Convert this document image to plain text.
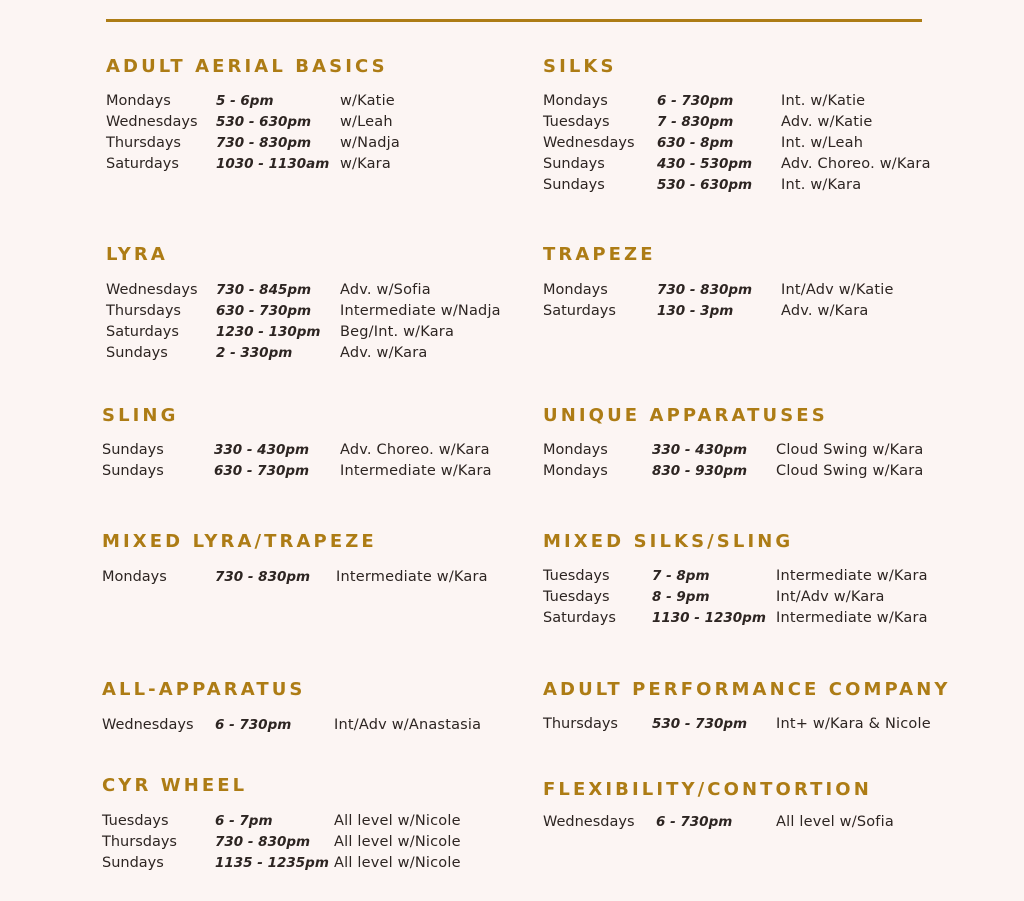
ADULT AERIAL BASICS
Mondays	5 - 6pm	w/Katie
Wednesdays 530 - 630pm w/Leah
Thursdays	730 - 830pm w/Nadja
Saturdays	1030 - 1130am w/Kara
SILKS
Mondays	6 - 730pm	Int. w/Katie
Tuesdays	7 - 830pm	Adv. w/Katie
Wednesdays 630 - 8pm	Int. w/Leah
Sundays	430 - 530pm Adv. Choreo. w/Kara
Sundays	530 - 630pm Int. w/Kara
LYRA
Wednesdays 730 - 845pm Adv. w/Sofia
Thursdays	630 - 730pm Intermediate w/Nadja
Saturdays	1230 - 130pm Beg/Int. w/Kara
Sundays	2 - 330pm	Adv. w/Kara
TRAPEZE
Mondays	730 - 830pm Int/Adv w/Katie
Saturdays	130 - 3pm	Adv. w/Kara
SLING
Sundays	330 - 430pm Adv. Choreo. w/Kara
Sundays	630 - 730pm Intermediate w/Kara
UNIQUE APPARATUSES
Mondays	330 - 430pm Cloud Swing w/Kara
Mondays	830 - 930pm Cloud Swing w/Kara
MIXED LYRA/TRAPEZE
Mondays	730 - 830pm Intermediate w/Kara
MIXED SILKS/SLING
Tuesdays	7 - 8pm	Intermediate w/Kara
Tuesdays	8 - 9pm	Int/Adv w/Kara
Saturdays	1130 - 1230pm Intermediate w/Kara
ALL-APPARATUS
Wednesdays 6 - 730pm	Int/Adv w/Anastasia
ADULT PERFORMANCE COMPANY
Thursdays	530 - 730pm Int+ w/Kara & Nicole
CYR WHEEL
Tuesdays	6 - 7pm	All level w/Nicole
Thursdays	730 - 830pm All level w/Nicole
Sundays	1135 - 1235pm All level w/Nicole
FLEXIBILITY/CONTORTION
Wednesdays 6 - 730pm	All level w/Sofia
